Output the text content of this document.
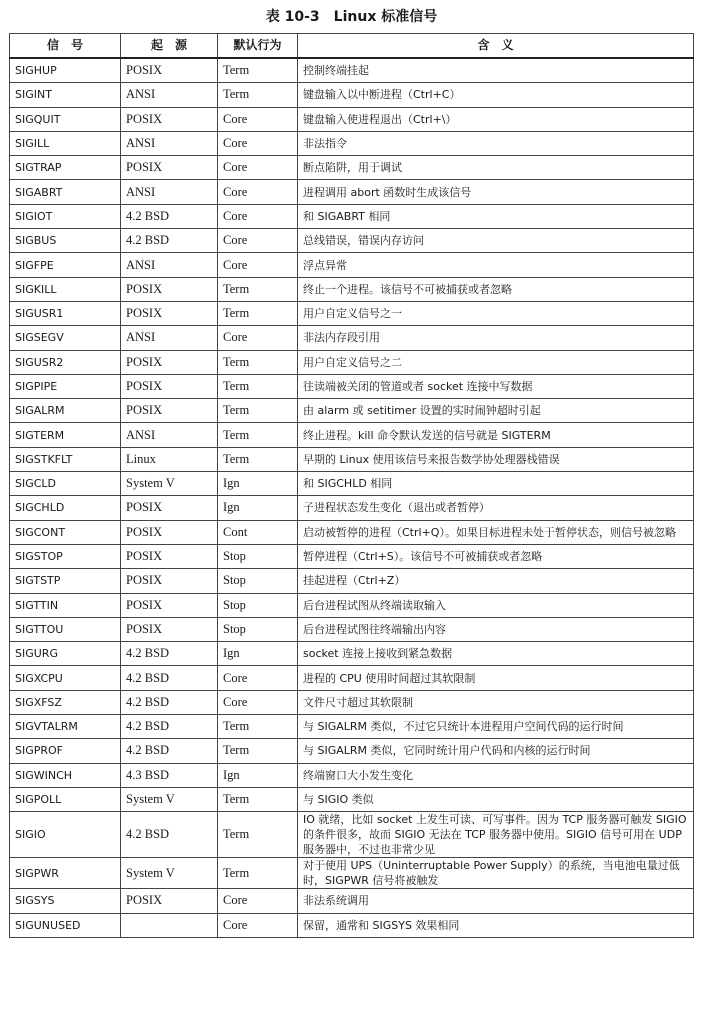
表 10-3　Linux 标准信号
信　号	起　源	默认行为	含　义
SIGHUP	POSIX	Term	控制终端挂起
SIGINT	ANSI	Term	键盘输入以中断进程（Ctrl+C）
SIGQUIT	POSIX	Core	键盘输入使进程退出（Ctrl+\）
SIGILL	ANSI	Core	非法指令
SIGTRAP	POSIX	Core	断点陷阱，用于调试
SIGABRT	ANSI	Core	进程调用 abort 函数时生成该信号
SIGIOT	4.2 BSD	Core	和 SIGABRT 相同
SIGBUS	4.2 BSD	Core	总线错误，错误内存访问
SIGFPE	ANSI	Core	浮点异常
SIGKILL	POSIX	Term	终止一个进程。该信号不可被捕获或者忽略
SIGUSR1	POSIX	Term	用户自定义信号之一
SIGSEGV	ANSI	Core	非法内存段引用
SIGUSR2	POSIX	Term	用户自定义信号之二
SIGPIPE	POSIX	Term	往读端被关闭的管道或者 socket 连接中写数据
SIGALRM	POSIX	Term	由 alarm 或 setitimer 设置的实时闹钟超时引起
SIGTERM	ANSI	Term	终止进程。kill 命令默认发送的信号就是 SIGTERM
SIGSTKFLT	Linux	Term	早期的 Linux 使用该信号来报告数学协处理器栈错误
SIGCLD	System V	Ign	和 SIGCHLD 相同
SIGCHLD	POSIX	Ign	子进程状态发生变化（退出或者暂停）
SIGCONT	POSIX	Cont	启动被暂停的进程（Ctrl+Q）。如果目标进程未处于暂停状态，则信号被忽略
SIGSTOP	POSIX	Stop	暂停进程（Ctrl+S）。该信号不可被捕获或者忽略
SIGTSTP	POSIX	Stop	挂起进程（Ctrl+Z）
SIGTTIN	POSIX	Stop	后台进程试图从终端读取输入
SIGTTOU	POSIX	Stop	后台进程试图往终端输出内容
SIGURG	4.2 BSD	Ign	socket 连接上接收到紧急数据
SIGXCPU	4.2 BSD	Core	进程的 CPU 使用时间超过其软限制
SIGXFSZ	4.2 BSD	Core	文件尺寸超过其软限制
SIGVTALRM	4.2 BSD	Term	与 SIGALRM 类似，不过它只统计本进程用户空间代码的运行时间
SIGPROF	4.2 BSD	Term	与 SIGALRM 类似，它同时统计用户代码和内核的运行时间
SIGWINCH	4.3 BSD	Ign	终端窗口大小发生变化
SIGPOLL	System V	Term	与 SIGIO 类似
SIGIO	4.2 BSD	Term	IO 就绪，比如 socket 上发生可读、可写事件。因为 TCP 服务器可触发 SIGIO 的条件很多，故而 SIGIO 无法在 TCP 服务器中使用。SIGIO 信号可用在 UDP 服务器中，不过也非常少见
SIGPWR	System V	Term	对于使用 UPS（Uninterruptable Power Supply）的系统，当电池电量过低时，SIGPWR 信号将被触发
SIGSYS	POSIX	Core	非法系统调用
SIGUNUSED		Core	保留，通常和 SIGSYS 效果相同
